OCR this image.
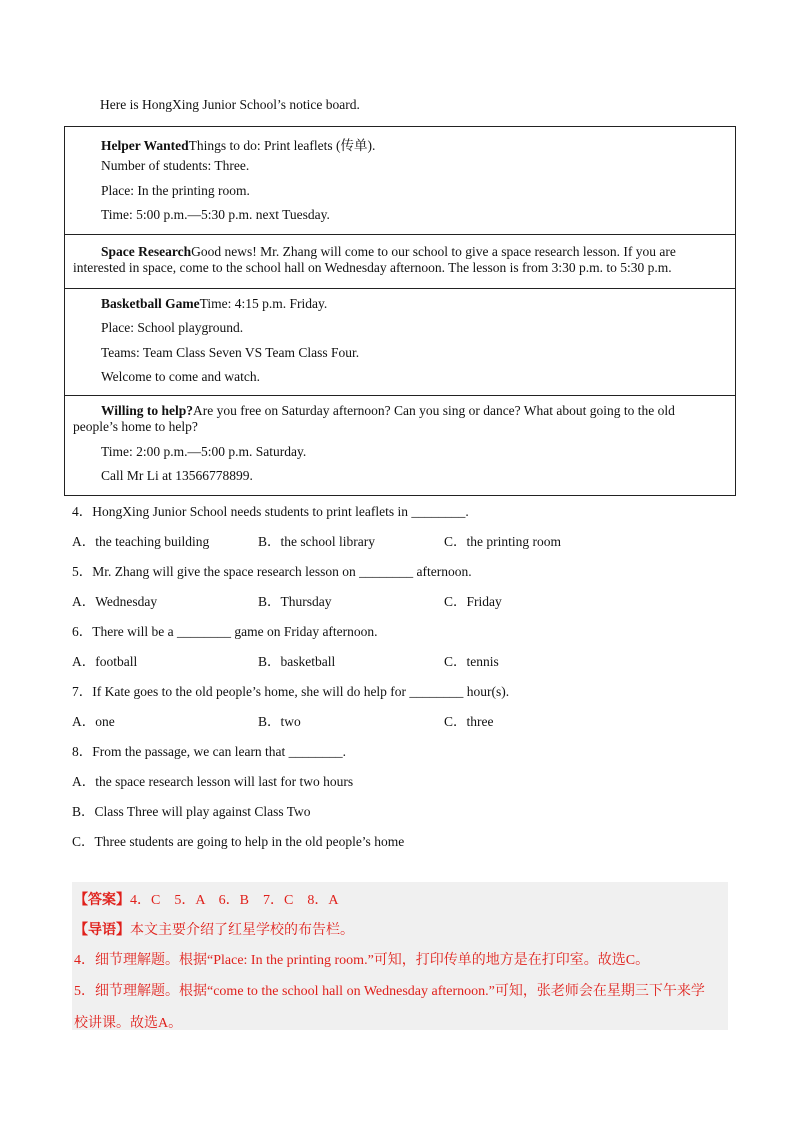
Here is HongXing Junior School’s notice board.
Helper WantedThings to do: Print leaflets (传单).
Number of students: Three.
Place: In the printing room.
Time: 5:00 p.m.—5:30 p.m. next Tuesday.
Space ResearchGood news! Mr. Zhang will come to our school to give a space research lesson. If you are interested in space, come to the school hall on Wednesday afternoon. The lesson is from 3:30 p.m. to 5:30 p.m.
Basketball GameTime: 4:15 p.m. Friday.
Place: School playground.
Teams: Team Class Seven VS Team Class Four.
Welcome to come and watch.
Willing to help?Are you free on Saturday afternoon? Can you sing or dance? What about going to the old people’s home to help?
Time: 2:00 p.m.—5:00 p.m. Saturday.
Call Mr Li at 13566778899.
4．HongXing Junior School needs students to print leaflets in ________.
A．the teaching building	B．the school library	C．the printing room
5．Mr. Zhang will give the space research lesson on ________ afternoon.
A．Wednesday	B．Thursday	C．Friday
6．There will be a ________ game on Friday afternoon.
A．football	B．basketball	C．tennis
7．If Kate goes to the old people’s home, she will do help for ________ hour(s).
A．one	B．two	C．three
8．From the passage, we can learn that ________.
A．the space research lesson will last for two hours
B．Class Three will play against Class Two
C．Three students are going to help in the old people’s home
【答案】4．C    5．A    6．B    7．C    8．A
【导语】本文主要介绍了红星学校的布告栏。
4．细节理解题。根据“Place: In the printing room.”可知，打印传单的地方是在打印室。故选C。
5．细节理解题。根据“come to the school hall on Wednesday afternoon.”可知，张老师会在星期三下午来学
校讲课。故选A。
